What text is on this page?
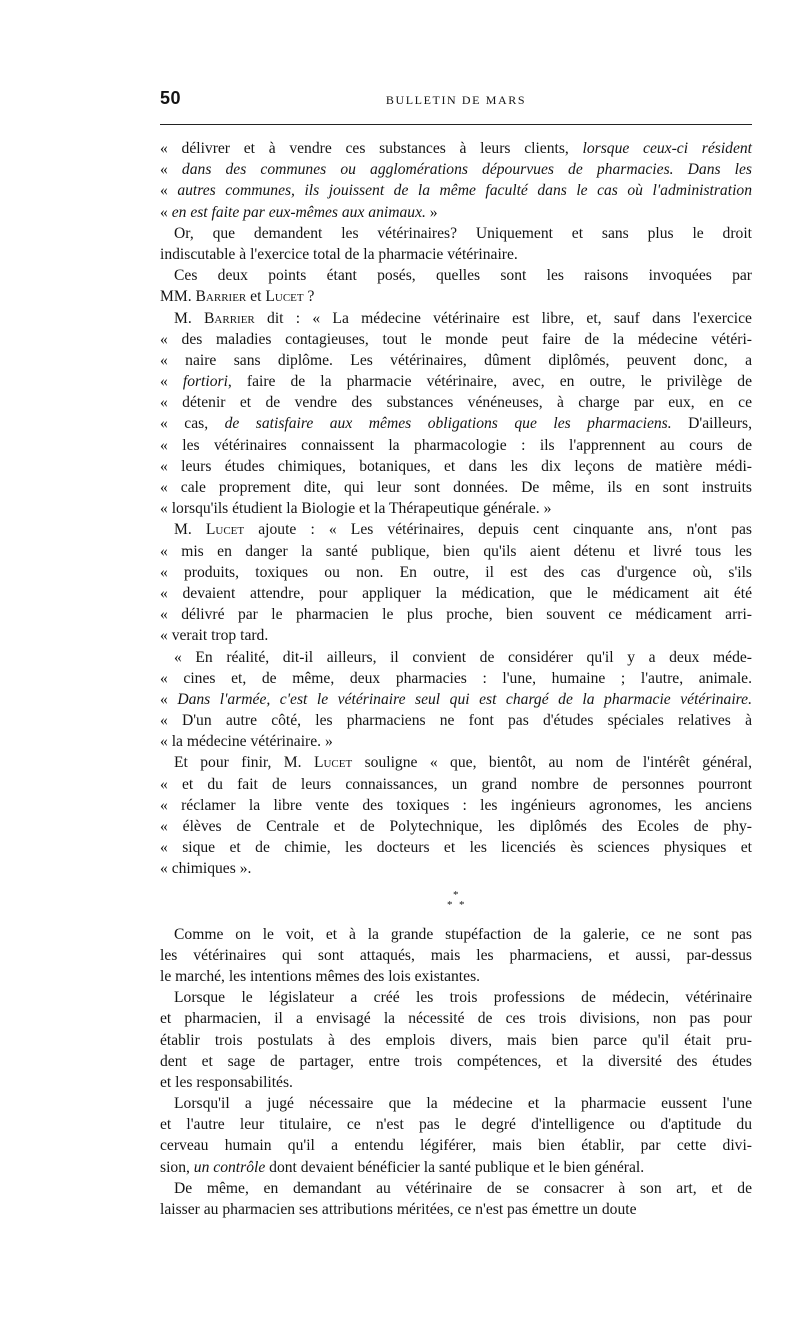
50	BULLETIN DE MARS
« délivrer et à vendre ces substances à leurs clients, lorsque ceux-ci résident
« dans des communes ou agglomérations dépourvues de pharmacies. Dans les
« autres communes, ils jouissent de la même faculté dans le cas où l'administration
« en est faite par eux-mêmes aux animaux. »
Or, que demandent les vétérinaires? Uniquement et sans plus le droit
indiscutable à l'exercice total de la pharmacie vétérinaire.
Ces deux points étant posés, quelles sont les raisons invoquées par
MM. Barrier et Lucet ?
M. Barrier dit : « La médecine vétérinaire est libre, et, sauf dans l'exercice
« des maladies contagieuses, tout le monde peut faire de la médecine vétéri-
« naire sans diplôme. Les vétérinaires, dûment diplômés, peuvent donc, a
« fortiori, faire de la pharmacie vétérinaire, avec, en outre, le privilège de
« détenir et de vendre des substances vénéneuses, à charge par eux, en ce
« cas, de satisfaire aux mêmes obligations que les pharmaciens. D'ailleurs,
« les vétérinaires connaissent la pharmacologie : ils l'apprennent au cours de
« leurs études chimiques, botaniques, et dans les dix leçons de matière médi-
« cale proprement dite, qui leur sont données. De même, ils en sont instruits
« lorsqu'ils étudient la Biologie et la Thérapeutique générale. »
M. Lucet ajoute : « Les vétérinaires, depuis cent cinquante ans, n'ont pas
« mis en danger la santé publique, bien qu'ils aient détenu et livré tous les
« produits, toxiques ou non. En outre, il est des cas d'urgence où, s'ils
« devaient attendre, pour appliquer la médication, que le médicament ait été
« délivré par le pharmacien le plus proche, bien souvent ce médicament arri-
« verait trop tard.
« En réalité, dit-il ailleurs, il convient de considérer qu'il y a deux méde-
« cines et, de même, deux pharmacies : l'une, humaine ; l'autre, animale.
« Dans l'armée, c'est le vétérinaire seul qui est chargé de la pharmacie vétérinaire.
« D'un autre côté, les pharmaciens ne font pas d'études spéciales relatives à
« la médecine vétérinaire. »
Et pour finir, M. Lucet souligne « que, bientôt, au nom de l'intérêt général,
« et du fait de leurs connaissances, un grand nombre de personnes pourront
« réclamer la libre vente des toxiques : les ingénieurs agronomes, les anciens
« élèves de Centrale et de Polytechnique, les diplômés des Ecoles de phy-
« sique et de chimie, les docteurs et les licenciés ès sciences physiques et
« chimiques ».
*
* *
Comme on le voit, et à la grande stupéfaction de la galerie, ce ne sont pas
les vétérinaires qui sont attaqués, mais les pharmaciens, et aussi, par-dessus
le marché, les intentions mêmes des lois existantes.
Lorsque le législateur a créé les trois professions de médecin, vétérinaire
et pharmacien, il a envisagé la nécessité de ces trois divisions, non pas pour
établir trois postulats à des emplois divers, mais bien parce qu'il était pru-
dent et sage de partager, entre trois compétences, et la diversité des études
et les responsabilités.
Lorsqu'il a jugé nécessaire que la médecine et la pharmacie eussent l'une
et l'autre leur titulaire, ce n'est pas le degré d'intelligence ou d'aptitude du
cerveau humain qu'il a entendu légiférer, mais bien établir, par cette divi-
sion, un contrôle dont devaient bénéficier la santé publique et le bien général.
De même, en demandant au vétérinaire de se consacrer à son art, et de
laisser au pharmacien ses attributions méritées, ce n'est pas émettre un doute
